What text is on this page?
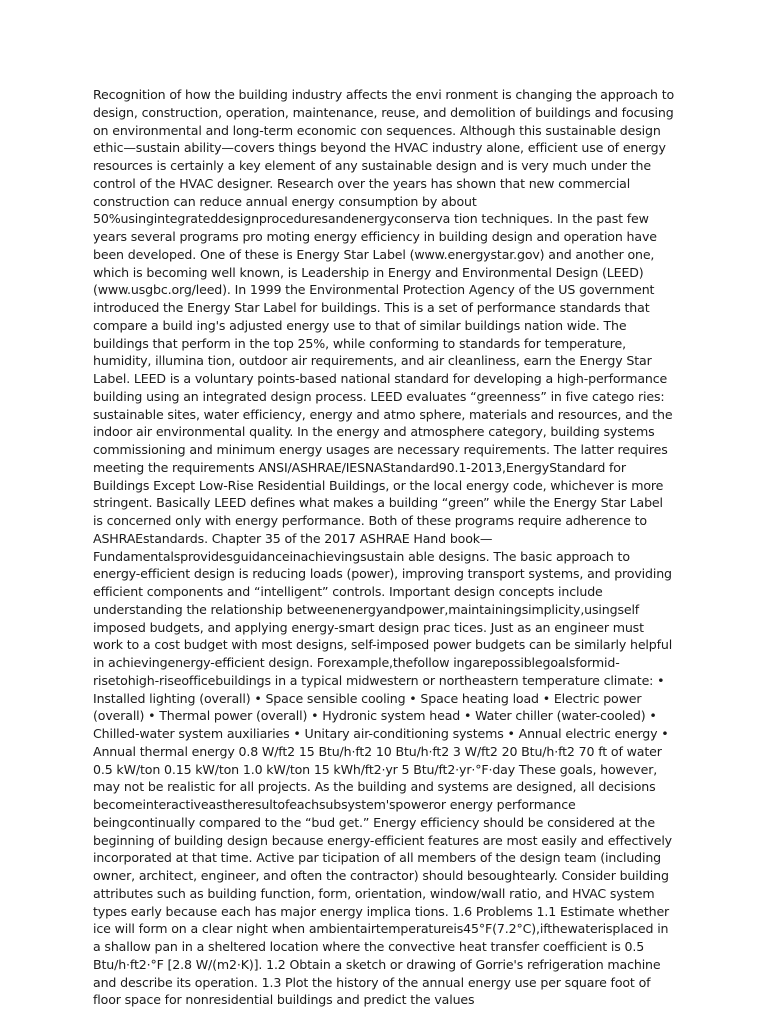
Recognition of how the building industry affects the envi ronment is changing the approach to design, construction, operation, maintenance, reuse, and demolition of buildings and focusing on environmental and long-term economic con sequences. Although this sustainable design ethic—sustain ability—covers things beyond the HVAC industry alone, efficient use of energy resources is certainly a key element of any sustainable design and is very much under the control of the HVAC designer. Research over the years has shown that new commercial construction can reduce annual energy consumption by about 50%usingintegrateddesignproceduresandenergyconserva tion techniques. In the past few years several programs pro moting energy efficiency in building design and operation have been developed. One of these is Energy Star Label (www.energystar.gov) and another one, which is becoming well known, is Leadership in Energy and Environmental Design (LEED) (www.usgbc.org/leed). In 1999 the Environmental Protection Agency of the US government introduced the Energy Star Label for buildings. This is a set of performance standards that compare a build ing's adjusted energy use to that of similar buildings nation wide. The buildings that perform in the top 25%, while conforming to standards for temperature, humidity, illumina tion, outdoor air requirements, and air cleanliness, earn the Energy Star Label. LEED is a voluntary points-based national standard for developing a high-performance building using an integrated design process. LEED evaluates “greenness” in five catego ries: sustainable sites, water efficiency, energy and atmo sphere, materials and resources, and the indoor air environmental quality. In the energy and atmosphere category, building systems commissioning and minimum energy usages are necessary requirements. The latter requires meeting the requirements ANSI/ASHRAE/IESNAStandard90.1-2013,EnergyStandard for Buildings Except Low-Rise Residential Buildings, or the local energy code, whichever is more stringent. Basically LEED defines what makes a building “green” while the Energy Star Label is concerned only with energy performance. Both of these programs require adherence to ASHRAEstandards. Chapter 35 of the 2017 ASHRAE Hand book—Fundamentalsprovidesguidanceinachievingsustain able designs. The basic approach to energy-efficient design is reducing loads (power), improving transport systems, and providing efficient components and “intelligent” controls. Important design concepts include understanding the relationship betweenenergyandpower,maintainingsimplicity,usingself imposed budgets, and applying energy-smart design prac tices. Just as an engineer must work to a cost budget with most designs, self-imposed power budgets can be similarly helpful in achievingenergy-efficient design. Forexample,thefollow ingarepossiblegoalsformid-risetohigh-riseofficebuildings in a typical midwestern or northeastern temperature climate: • Installed lighting (overall) • Space sensible cooling • Space heating load • Electric power (overall) • Thermal power (overall) • Hydronic system head • Water chiller (water-cooled) • Chilled-water system auxiliaries • Unitary air-conditioning systems • Annual electric energy • Annual thermal energy 0.8 W/ft2 15 Btu/h·ft2 10 Btu/h·ft2 3 W/ft2 20 Btu/h·ft2 70 ft of water 0.5 kW/ton 0.15 kW/ton 1.0 kW/ton 15 kWh/ft2·yr 5 Btu/ft2·yr·°F·day These goals, however, may not be realistic for all projects. As the building and systems are designed, all decisions becomeinteractiveastheresultofeachsubsystem'spoweror energy performance beingcontinually compared to the “bud get.” Energy efficiency should be considered at the beginning of building design because energy-efficient features are most easily and effectively incorporated at that time. Active par ticipation of all members of the design team (including owner, architect, engineer, and often the contractor) should besoughtearly. Consider building attributes such as building function, form, orientation, window/wall ratio, and HVAC system types early because each has major energy implica tions. 1.6 Problems 1.1 Estimate whether ice will form on a clear night when ambientairtemperatureis45°F(7.2°C),ifthewaterisplaced in a shallow pan in a sheltered location where the convective heat transfer coefficient is 0.5 Btu/h·ft2·°F [2.8 W/(m2·K)]. 1.2 Obtain a sketch or drawing of Gorrie's refrigeration machine and describe its operation. 1.3 Plot the history of the annual energy use per square foot of floor space for nonresidential buildings and predict the values
